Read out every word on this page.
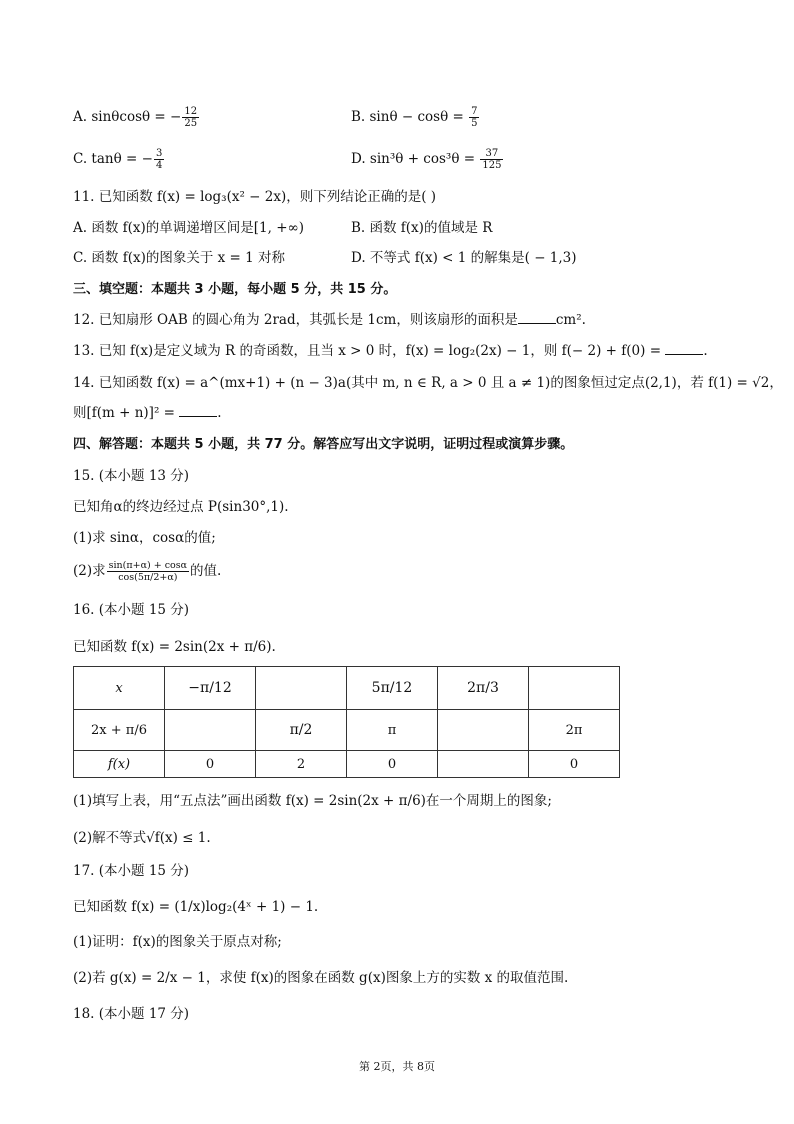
A. sinθcosθ = − $\frac{12}{25}$	B. $\sin\theta - \cos\theta = \frac{7}{5}$
C. tanθ = − $\frac{3}{4}$	D. $\sin^3\theta + \cos^3\theta = \frac{37}{125}$
11. 已知函数 f(x) = log₃(x² − 2x)，则下列结论正确的是( )
A. 函数 f(x)的单调递增区间是[1, +∞)	B. 函数 f(x)的值域是 R
C. 函数 f(x)的图象关于 x = 1 对称	D. 不等式 f(x) < 1 的解集是( − 1,3)
三、填空题：本题共 3 小题，每小题 5 分，共 15 分。
12. 已知扇形 OAB 的圆心角为 2rad，其弧长是 1cm，则该扇形的面积是	cm².
13. 已知 f(x)是定义域为 R 的奇函数，且当 x > 0 时，f(x) = log₂(2x) − 1，则 f(− 2) + f(0) =	.
14. 已知函数 f(x) = a^(mx+1) + (n − 3)a(其中 m, n ∈ R, a > 0 且 a ≠ 1)的图象恒过定点(2,1)，若 f(1) = √2，
则[f(m + n)]² =	.
四、解答题：本题共 5 小题，共 77 分。解答应写出文字说明，证明过程或演算步骤。
15. (本小题 13 分)
已知角α的终边经过点 P(sin30°,1).
(1)求 sinα，cosα的值;
(2)求 $\frac{\sin(\pi+\alpha) + \cos\alpha}{\cos(5\pi/2+\alpha)}$ 的值.
16. (本小题 15 分)
已知函数 f(x) = 2sin(2x + π/6).
x	−π/12		5π/12	2π/3	
2x + π/6		π/2	π		2π
f(x)	0	2	0		0
(1)填写上表，用“五点法”画出函数 f(x) = 2sin(2x + π/6)在一个周期上的图象;
(2)解不等式√f(x) ≤ 1.
17. (本小题 15 分)
已知函数 f(x) = (1/x)log₂(4ˣ + 1) − 1.
(1)证明：f(x)的图象关于原点对称;
(2)若 g(x) = 2/x − 1，求使 f(x)的图象在函数 g(x)图象上方的实数 x 的取值范围.
18. (本小题 17 分)
第 2页，共 8页
